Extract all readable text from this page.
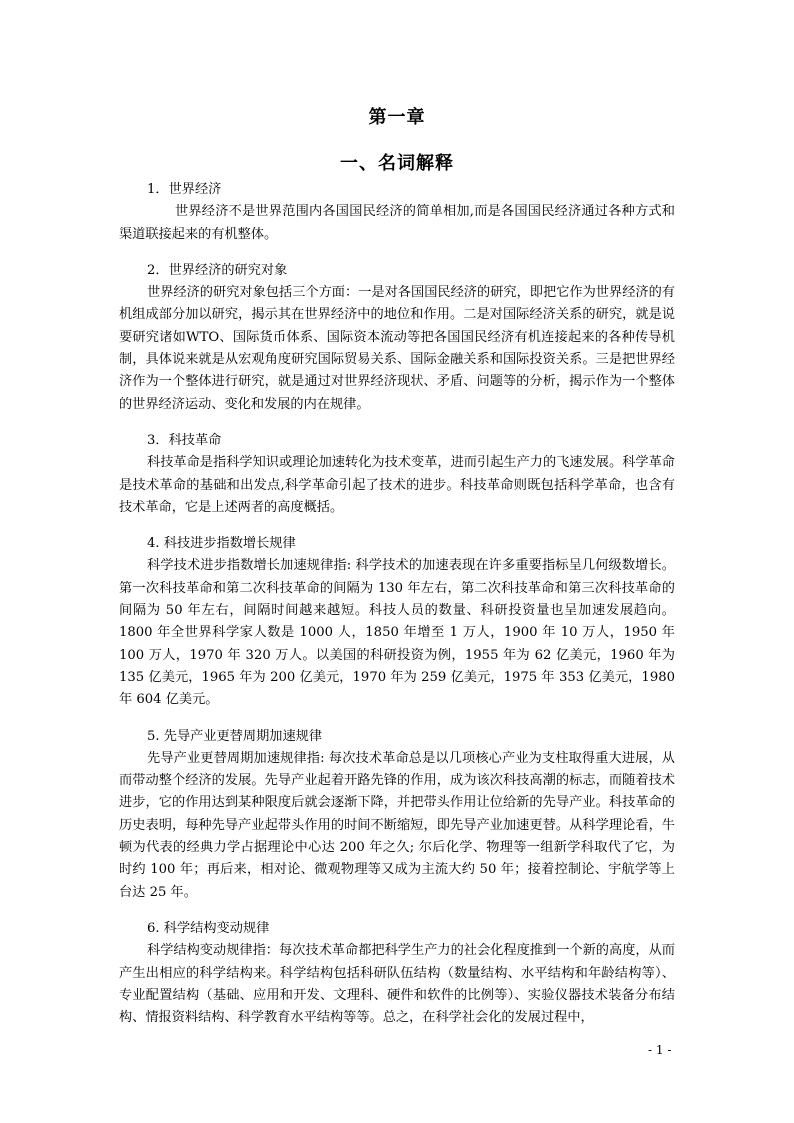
第一章
一、名词解释
1．世界经济
世界经济不是世界范围内各国国民经济的简单相加,而是各国国民经济通过各种方式和渠道联接起来的有机整体。
2．世界经济的研究对象
世界经济的研究对象包括三个方面：一是对各国国民经济的研究，即把它作为世界经济的有机组成部分加以研究，揭示其在世界经济中的地位和作用。二是对国际经济关系的研究，就是说要研究诸如WTO、国际货币体系、国际资本流动等把各国国民经济有机连接起来的各种传导机制，具体说来就是从宏观角度研究国际贸易关系、国际金融关系和国际投资关系。三是把世界经济作为一个整体进行研究，就是通过对世界经济现状、矛盾、问题等的分析，揭示作为一个整体的世界经济运动、变化和发展的内在规律。
3．科技革命
科技革命是指科学知识或理论加速转化为技术变革，进而引起生产力的飞速发展。科学革命是技术革命的基础和出发点,科学革命引起了技术的进步。科技革命则既包括科学革命，也含有技术革命，它是上述两者的高度概括。
4. 科技进步指数增长规律
科学技术进步指数增长加速规律指: 科学技术的加速表现在许多重要指标呈几何级数增长。第一次科技革命和第二次科技革命的间隔为 130 年左右，第二次科技革命和第三次科技革命的间隔为 50 年左右，间隔时间越来越短。科技人员的数量、科研投资量也呈加速发展趋向。1800 年全世界科学家人数是 1000 人，1850 年增至 1 万人，1900 年 10 万人，1950 年 100 万人，1970 年 320 万人。以美国的科研投资为例，1955 年为 62 亿美元，1960 年为 135 亿美元，1965 年为 200 亿美元，1970 年为 259 亿美元，1975 年 353 亿美元，1980 年 604 亿美元。
5. 先导产业更替周期加速规律
先导产业更替周期加速规律指: 每次技术革命总是以几项核心产业为支柱取得重大进展，从而带动整个经济的发展。先导产业起着开路先锋的作用，成为该次科技高潮的标志，而随着技术进步，它的作用达到某种限度后就会逐渐下降，并把带头作用让位给新的先导产业。科技革命的历史表明，每种先导产业起带头作用的时间不断缩短，即先导产业加速更替。从科学理论看，牛顿为代表的经典力学占据理论中心达 200 年之久; 尔后化学、物理等一组新学科取代了它，为时约 100 年；再后来，相对论、微观物理等又成为主流大约 50 年；接着控制论、宇航学等上台达 25 年。
6. 科学结构变动规律
科学结构变动规律指：每次技术革命都把科学生产力的社会化程度推到一个新的高度，从而产生出相应的科学结构来。科学结构包括科研队伍结构（数量结构、水平结构和年龄结构等）、专业配置结构（基础、应用和开发、文理科、硬件和软件的比例等）、实验仪器技术装备分布结构、情报资料结构、科学教育水平结构等等。总之，在科学社会化的发展过程中，
- 1 -
